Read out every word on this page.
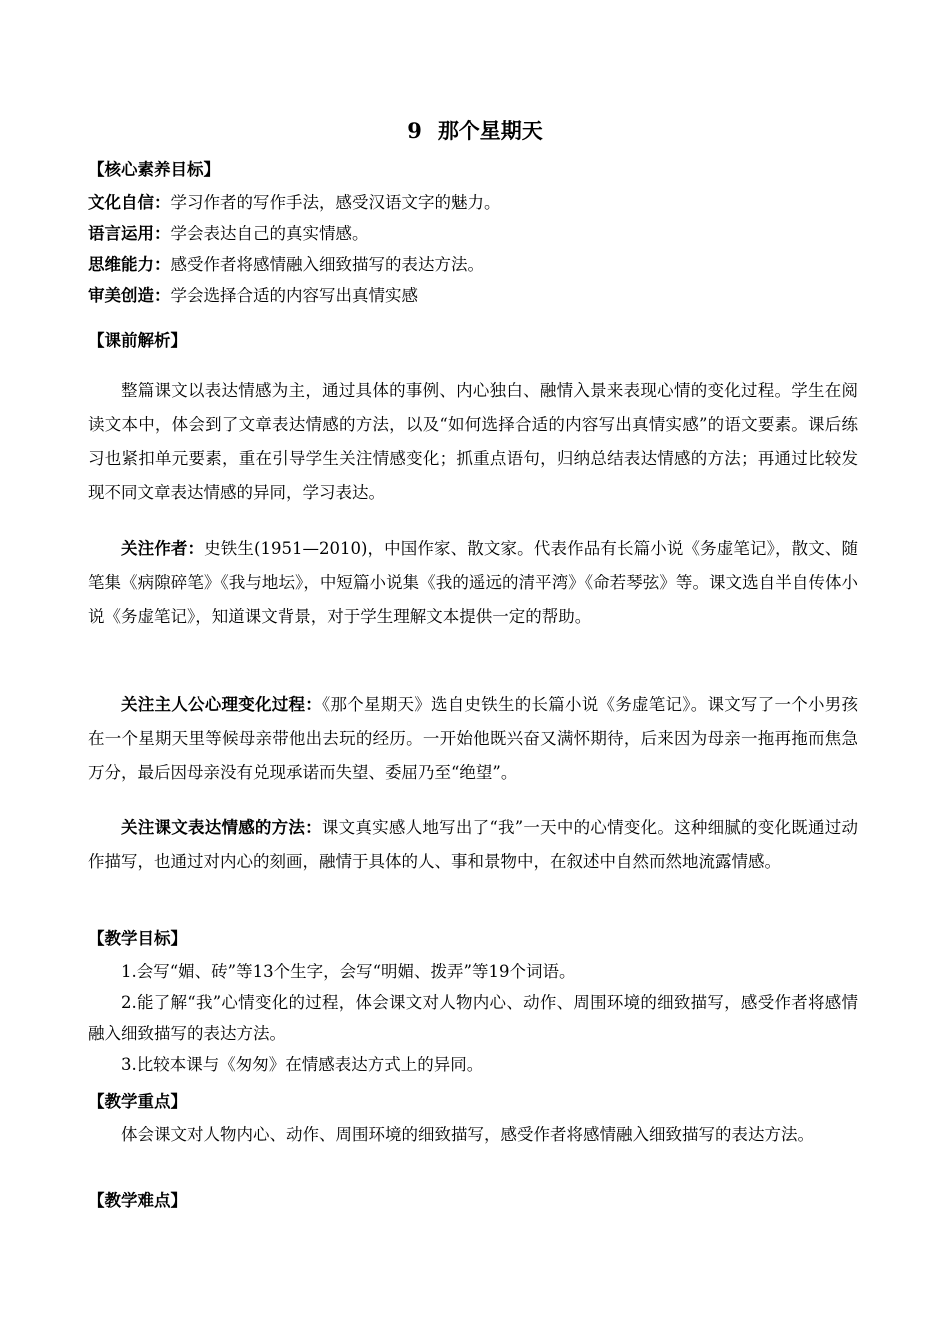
9 那个星期天
【核心素养目标】
文化自信：学习作者的写作手法，感受汉语文字的魅力。
语言运用：学会表达自己的真实情感。
思维能力：感受作者将感情融入细致描写的表达方法。
审美创造：学会选择合适的内容写出真情实感
【课前解析】
整篇课文以表达情感为主，通过具体的事例、内心独白、融情入景来表现心情的变化过程。学生在阅读文本中，体会到了文章表达情感的方法，以及“如何选择合适的内容写出真情实感”的语文要素。课后练习也紧扣单元要素，重在引导学生关注情感变化；抓重点语句，归纳总结表达情感的方法；再通过比较发现不同文章表达情感的异同，学习表达。
关注作者：史铁生(1951—2010)，中国作家、散文家。代表作品有长篇小说《务虚笔记》，散文、随笔集《病隙碎笔》《我与地坛》，中短篇小说集《我的遥远的清平湾》《命若琴弦》等。课文选自半自传体小说《务虚笔记》，知道课文背景，对于学生理解文本提供一定的帮助。
关注主人公心理变化过程：《那个星期天》选自史铁生的长篇小说《务虚笔记》。课文写了一个小男孩在一个星期天里等候母亲带他出去玩的经历。一开始他既兴奋又满怀期待，后来因为母亲一拖再拖而焦急万分，最后因母亲没有兑现承诺而失望、委屈乃至“绝望”。
关注课文表达情感的方法：课文真实感人地写出了“我”一天中的心情变化。这种细腻的变化既通过动作描写，也通过对内心的刻画，融情于具体的人、事和景物中，在叙述中自然而然地流露情感。
【教学目标】
1.会写“媚、砖”等13个生字，会写“明媚、拨弄”等19个词语。
2.能了解“我”心情变化的过程，体会课文对人物内心、动作、周围环境的细致描写，感受作者将感情融入细致描写的表达方法。
3.比较本课与《匆匆》在情感表达方式上的异同。
【教学重点】
体会课文对人物内心、动作、周围环境的细致描写，感受作者将感情融入细致描写的表达方法。
【教学难点】
